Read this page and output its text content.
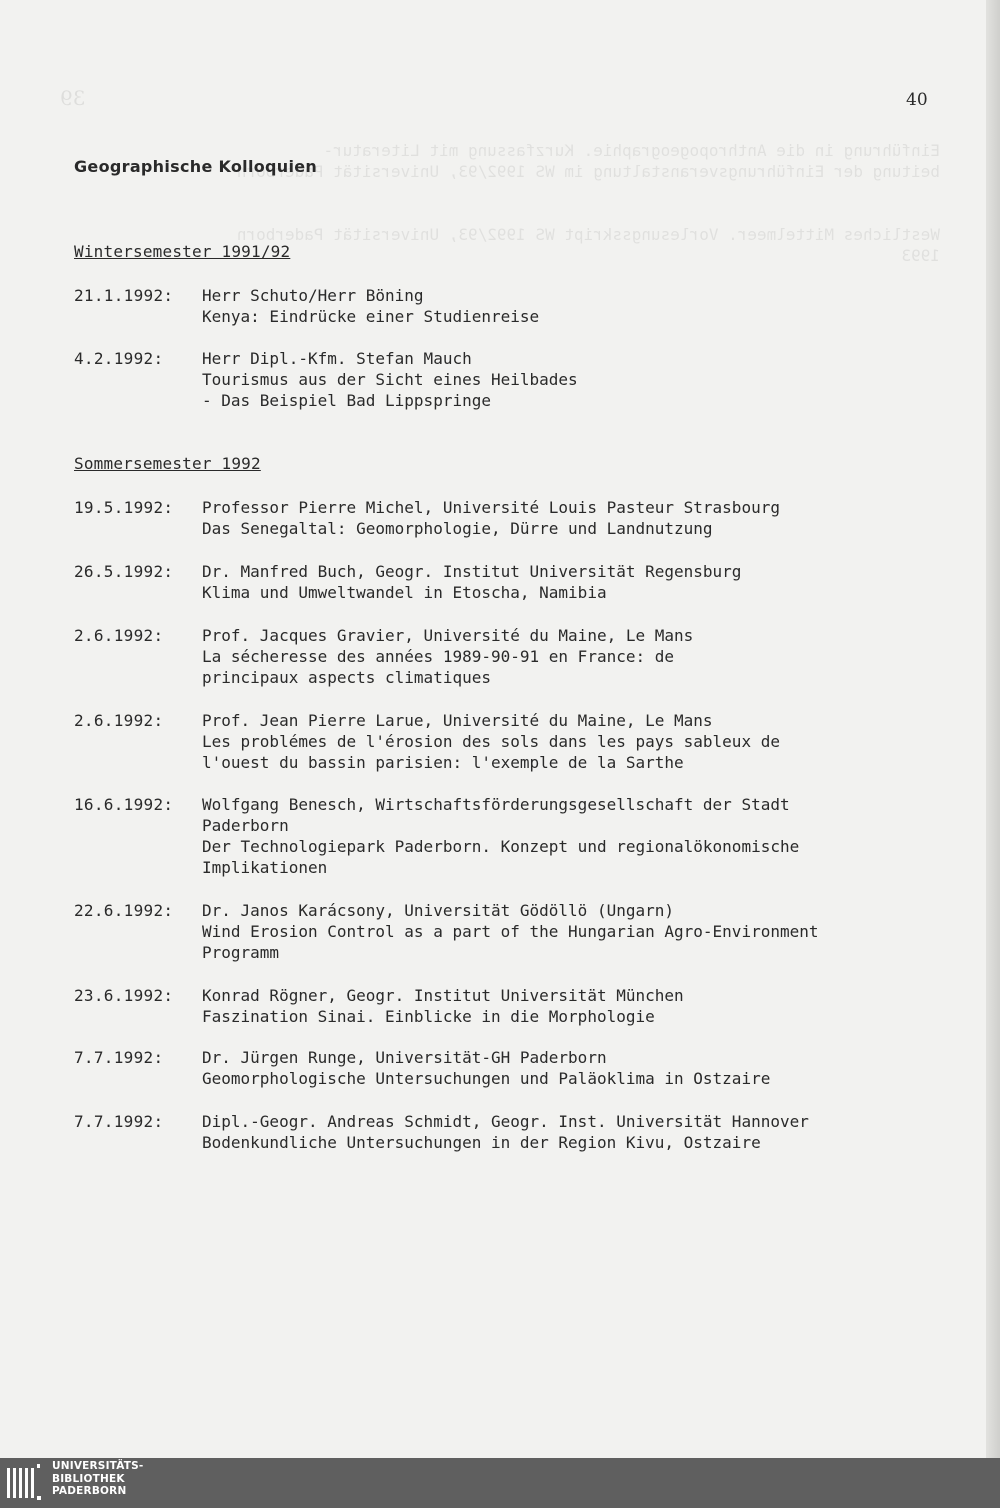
39
Einführung in die Anthropogeographie. Kurzfassung mit Literatur-
beitung der Einführungsveranstaltung im WS 1992/93, Universität Paderborn

Westliches Mittelmeer. Vorlesungsskript WS 1992/93, Universität Paderborn
1993
40
Geographische Kolloquien
Wintersemester 1991/92
21.1.1992:	Herr Schuto/Herr Böning
Kenya: Eindrücke einer Studienreise
4.2.1992:	Herr Dipl.-Kfm. Stefan Mauch
Tourismus aus der Sicht eines Heilbades
- Das Beispiel Bad Lippspringe
Sommersemester 1992
19.5.1992:	Professor Pierre Michel, Université Louis Pasteur Strasbourg
Das Senegaltal: Geomorphologie, Dürre und Landnutzung
26.5.1992:	Dr. Manfred Buch, Geogr. Institut Universität Regensburg
Klima und Umweltwandel in Etoscha, Namibia
2.6.1992:	Prof. Jacques Gravier, Université du Maine, Le Mans
La sécheresse des années 1989-90-91 en France: de
principaux aspects climatiques
2.6.1992:	Prof. Jean Pierre Larue, Université du Maine, Le Mans
Les problémes de l'érosion des sols dans les pays sableux de
l'ouest du bassin parisien: l'exemple de la Sarthe
16.6.1992:	Wolfgang Benesch, Wirtschaftsförderungsgesellschaft der Stadt
Paderborn
Der Technologiepark Paderborn. Konzept und regionalökonomische
Implikationen
22.6.1992:	Dr. Janos Karácsony, Universität Gödöllö (Ungarn)
Wind Erosion Control as a part of the Hungarian Agro-Environment
Programm
23.6.1992:	Konrad Rögner, Geogr. Institut Universität München
Faszination Sinai. Einblicke in die Morphologie
7.7.1992:	Dr. Jürgen Runge, Universität-GH Paderborn
Geomorphologische Untersuchungen und Paläoklima in Ostzaire
7.7.1992:	Dipl.-Geogr. Andreas Schmidt, Geogr. Inst. Universität Hannover
Bodenkundliche Untersuchungen in der Region Kivu, Ostzaire
UNIVERSITÄTS-
BIBLIOTHEK
PADERBORN
